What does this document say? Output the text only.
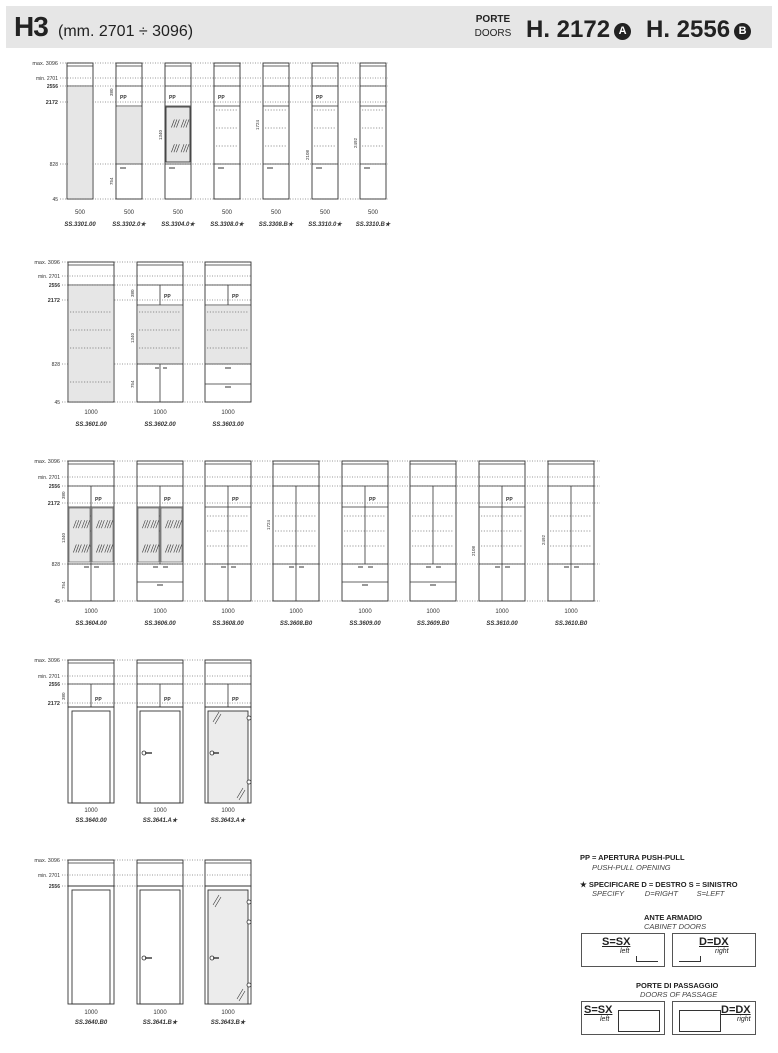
H3 (mm. 2701 ÷ 3096)
PORTE
DOORS H. 2172 A H. 2556 B
max. 3096
min. 2701
2556
2172
828
45
500
SS.3301.00
PP
500
SS.3302.0★
PP
500
SS.3304.0★
PP
500
SS.3308.0★
500
SS.3308.B★
PP
500
SS.3310.0★
500
SS.3310.B★
380
754
1340
1724
2108
2492
max. 3096
min. 2701
2556
2172
828
45
1000
SS.3601.00
PP
1000
SS.3602.00
PP
1000
SS.3603.00
380
1340
754
max. 3096
min. 2701
2556
2172
828
45
PP
1000
SS.3604.00
PP
1000
SS.3606.00
PP
1000
SS.3608.00
1000
SS.3608.B0
PP
1000
SS.3609.00
1000
SS.3609.B0
PP
1000
SS.3610.00
1000
SS.3610.B0
380
1340
754
1724
2108
2492
max. 3096
min. 2701
2556
2172
PP
1000
SS.3640.00
PP
1000
SS.3641.A★
PP
1000
SS.3643.A★
380
max. 3096
min. 2701
2556
1000
SS.3640.B0
1000
SS.3641.B★
1000
SS.3643.B★
PP = APERTURA PUSH-PULL
PUSH-PULL OPENING
★ SPECIFICARE D = DESTRO S = SINISTRO
SPECIFY          D=RIGHT         S=LEFT
ANTE ARMADIO
CABINET DOORS
S=SX
left
D=DX
right
PORTE DI PASSAGGIO
DOORS OF PASSAGE
S=SX
left
D=DX
right
